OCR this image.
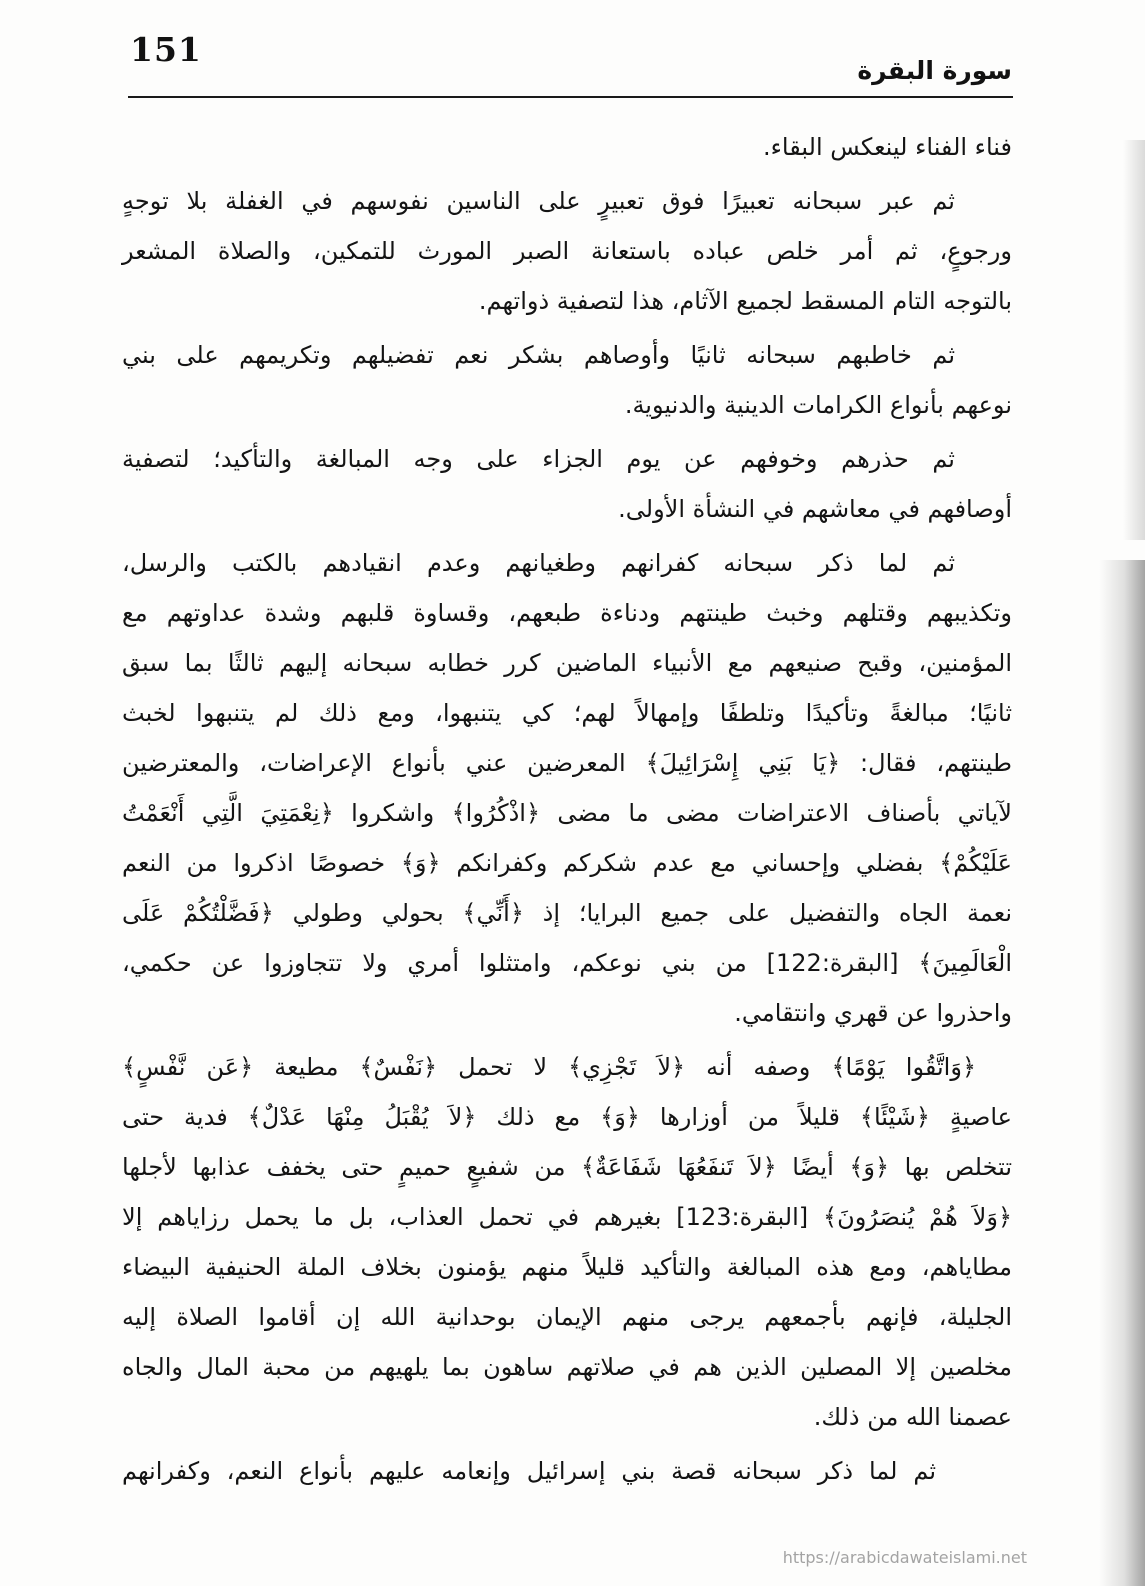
151
سورة البقرة
فناء الفناء لينعكس البقاء.
ثم عبر سبحانه تعبيرًا فوق تعبيرٍ على الناسين نفوسهم في الغفلة بلا توجهٍ
ورجوعٍ، ثم أمر خلص عباده باستعانة الصبر المورث للتمكين، والصلاة المشعر
بالتوجه التام المسقط لجميع الآثام، هذا لتصفية ذواتهم.
ثم خاطبهم سبحانه ثانيًا وأوصاهم بشكر نعم تفضيلهم وتكريمهم على بني
نوعهم بأنواع الكرامات الدينية والدنيوية.
ثم حذرهم وخوفهم عن يوم الجزاء على وجه المبالغة والتأكيد؛ لتصفية
أوصافهم في معاشهم في النشأة الأولى.
ثم لما ذكر سبحانه كفرانهم وطغيانهم وعدم انقيادهم بالكتب والرسل،
وتكذيبهم وقتلهم وخبث طينتهم ودناءة طبعهم، وقساوة قلبهم وشدة عداوتهم مع
المؤمنين، وقبح صنيعهم مع الأنبياء الماضين كرر خطابه سبحانه إليهم ثالثًا بما سبق
ثانيًا؛ مبالغةً وتأكيدًا وتلطفًا وإمهالاً لهم؛ كي يتنبهوا، ومع ذلك لم يتنبهوا لخبث
طينتهم، فقال: ﴿يَا بَنِي إِسْرَائِيلَ﴾ المعرضين عني بأنواع الإعراضات، والمعترضين
لآياتي بأصناف الاعتراضات مضى ما مضى ﴿اذْكُرُوا﴾ واشكروا ﴿نِعْمَتِيَ الَّتِي أَنْعَمْتُ
عَلَيْكُمْ﴾ بفضلي وإحساني مع عدم شكركم وكفرانكم ﴿وَ﴾ خصوصًا اذكروا من النعم
نعمة الجاه والتفضيل على جميع البرايا؛ إذ ﴿أَنِّي﴾ بحولي وطولي ﴿فَضَّلْتُكُمْ عَلَى
الْعَالَمِينَ﴾ [البقرة:122] من بني نوعكم، وامتثلوا أمري ولا تتجاوزوا عن حكمي،
واحذروا عن قهري وانتقامي.
﴿وَاتَّقُوا يَوْمًا﴾ وصفه أنه ﴿لاَ تَجْزِي﴾ لا تحمل ﴿نَفْسٌ﴾ مطيعة ﴿عَن نَّفْسٍ﴾
عاصيةٍ ﴿شَيْئًا﴾ قليلاً من أوزارها ﴿وَ﴾ مع ذلك ﴿لاَ يُقْبَلُ مِنْهَا عَدْلٌ﴾ فدية حتى
تتخلص بها ﴿وَ﴾ أيضًا ﴿لاَ تَنفَعُهَا شَفَاعَةٌ﴾ من شفيعٍ حميمٍ حتى يخفف عذابها لأجلها
﴿وَلاَ هُمْ يُنصَرُونَ﴾ [البقرة:123] بغيرهم في تحمل العذاب، بل ما يحمل رزاياهم إلا
مطاياهم، ومع هذه المبالغة والتأكيد قليلاً منهم يؤمنون بخلاف الملة الحنيفية البيضاء
الجليلة، فإنهم بأجمعهم يرجى منهم الإيمان بوحدانية الله إن أقاموا الصلاة إليه
مخلصين إلا المصلين الذين هم في صلاتهم ساهون بما يلهيهم من محبة المال والجاه
عصمنا الله من ذلك.
ثم لما ذكر سبحانه قصة بني إسرائيل وإنعامه عليهم بأنواع النعم، وكفرانهم
https://arabicdawateislami.net
